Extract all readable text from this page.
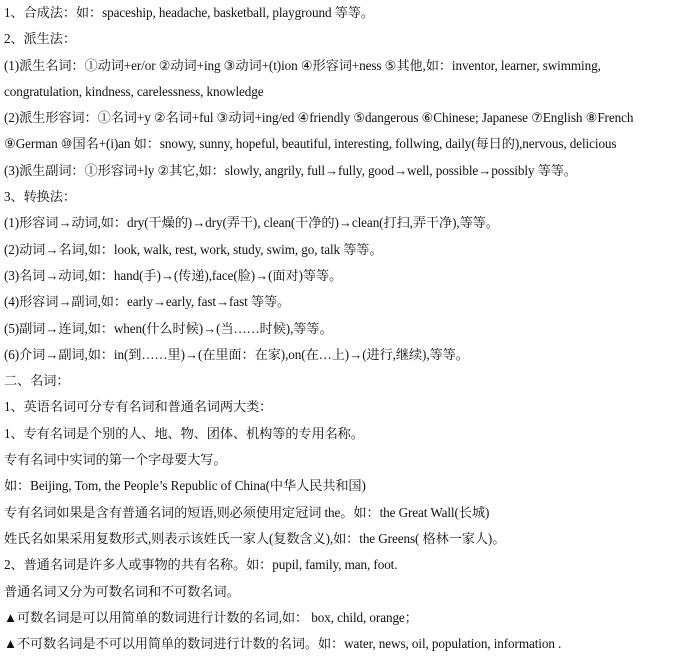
1、合成法：如：spaceship, headache, basketball, playground 等等。
2、派生法：
(1)派生名词：①动词+er/or ②动词+ing ③动词+(t)ion ④形容词+ness ⑤其他,如：inventor, learner, swimming,
congratulation, kindness, carelessness, knowledge
(2)派生形容词：①名词+y ②名词+ful ③动词+ing/ed ④friendly ⑤dangerous ⑥Chinese; Japanese ⑦English ⑧French
⑨German ⑩国名+(i)an 如：snowy, sunny, hopeful, beautiful, interesting, follwing, daily(每日的),nervous, delicious
(3)派生副词：①形容词+ly ②其它,如：slowly, angrily, full→fully, good→well, possible→possibly 等等。
3、转换法：
(1)形容词→动词,如：dry(干燥的)→dry(弄干), clean(干净的)→clean(打扫,弄干净),等等。
(2)动词→名词,如：look, walk, rest, work, study, swim, go, talk 等等。
(3)名词→动词,如：hand(手)→(传递),face(脸)→(面对)等等。
(4)形容词→副词,如：early→early, fast→fast 等等。
(5)副词→连词,如：when(什么时候)→(当……时候),等等。
(6)介词→副词,如：in(到……里)→(在里面：在家),on(在…上)→(进行,继续),等等。
二、名词：
1、英语名词可分专有名词和普通名词两大类：
1、专有名词是个别的人、地、物、团体、机构等的专用名称。
专有名词中实词的第一个字母要大写。
如：Beijing, Tom, the People’s Republic of China(中华人民共和国)
专有名词如果是含有普通名词的短语,则必须使用定冠词 the。如：the Great Wall(长城)
姓氏名如果采用复数形式,则表示该姓氏一家人(复数含义),如：the Greens( 格林一家人)。
2、普通名词是许多人或事物的共有名称。如：pupil, family, man, foot.
普通名词又分为可数名词和不可数名词。
▲可数名词是可以用简单的数词进行计数的名词,如： box, child, orange；
▲不可数名词是不可以用简单的数词进行计数的名词。如：water, news, oil, population, information .
